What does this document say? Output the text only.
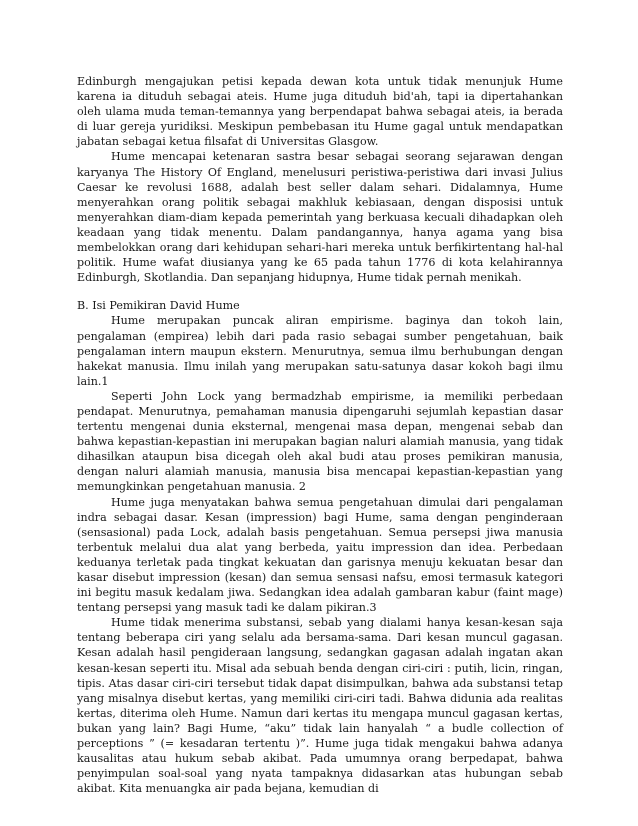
Edinburgh mengajukan petisi kepada dewan kota untuk tidak menunjuk Hume karena ia dituduh sebagai ateis. Hume juga dituduh bid'ah, tapi ia dipertahankan oleh ulama muda teman-temannya yang berpendapat bahwa sebagai ateis, ia berada di luar gereja yuridiksi. Meskipun pembebasan itu Hume gagal untuk mendapatkan jabatan sebagai ketua filsafat di Universitas Glasgow.

Hume mencapai ketenaran sastra besar sebagai seorang sejarawan dengan karyanya The History Of England, menelusuri peristiwa-peristiwa dari invasi Julius Caesar ke revolusi 1688, adalah best seller dalam sehari. Didalamnya, Hume menyerahkan orang politik sebagai makhluk kebiasaan, dengan disposisi untuk menyerahkan diam-diam kepada pemerintah yang berkuasa kecuali dihadapkan oleh keadaan yang tidak menentu. Dalam pandangannya, hanya agama yang bisa membelokkan orang dari kehidupan sehari-hari mereka untuk berfikirtentang hal-hal politik. Hume wafat diusianya yang ke 65 pada tahun 1776 di kota kelahirannya Edinburgh, Skotlandia. Dan sepanjang hidupnya, Hume tidak pernah menikah.

B. Isi Pemikiran David Hume

Hume merupakan puncak aliran empirisme. baginya dan tokoh lain, pengalaman (empirea) lebih dari pada rasio sebagai sumber pengetahuan, baik pengalaman intern maupun ekstern. Menurutnya, semua ilmu berhubungan dengan hakekat manusia. Ilmu inilah yang merupakan satu-satunya dasar kokoh bagi ilmu lain.1

Seperti John Lock yang bermadzhab empirisme, ia memiliki perbedaan pendapat. Menurutnya, pemahaman manusia dipengaruhi sejumlah kepastian dasar tertentu mengenai dunia eksternal, mengenai masa depan, mengenai sebab dan bahwa kepastian-kepastian ini merupakan bagian naluri alamiah manusia, yang tidak dihasilkan ataupun bisa dicegah oleh akal budi atau proses pemikiran manusia, dengan naluri alamiah manusia, manusia bisa mencapai kepastian-kepastian yang memungkinkan pengetahuan manusia. 2

Hume juga menyatakan bahwa semua pengetahuan dimulai dari pengalaman indra sebagai dasar. Kesan (impression) bagi Hume, sama dengan penginderaan (sensasional) pada Lock, adalah basis pengetahuan. Semua persepsi jiwa manusia terbentuk melalui dua alat yang berbeda, yaitu impression dan idea. Perbedaan keduanya terletak pada tingkat kekuatan dan garisnya menuju kekuatan besar dan kasar disebut impression (kesan) dan semua sensasi nafsu, emosi termasuk kategori ini begitu masuk kedalam jiwa. Sedangkan idea adalah gambaran kabur (faint mage) tentang persepsi yang masuk tadi ke dalam pikiran.3

Hume tidak menerima substansi, sebab yang dialami hanya kesan-kesan saja tentang beberapa ciri yang selalu ada bersama-sama. Dari kesan muncul gagasan. Kesan adalah hasil pengideraan langsung, sedangkan gagasan adalah ingatan akan kesan-kesan seperti itu. Misal ada sebuah benda dengan ciri-ciri : putih, licin, ringan, tipis. Atas dasar ciri-ciri tersebut tidak dapat disimpulkan, bahwa ada substansi tetap yang misalnya disebut kertas, yang memiliki ciri-ciri tadi. Bahwa didunia ada realitas kertas, diterima oleh Hume. Namun dari kertas itu mengapa muncul gagasan kertas, bukan yang lain? Bagi Hume, “aku” tidak lain hanyalah “ a budle collection of perceptions ” (= kesadaran tertentu )”. Hume juga tidak mengakui bahwa adanya kausalitas atau hukum sebab akibat. Pada umumnya orang berpedapat, bahwa penyimpulan soal-soal yang nyata tampaknya didasarkan atas hubungan sebab akibat. Kita menuangka air pada bejana, kemudian di
